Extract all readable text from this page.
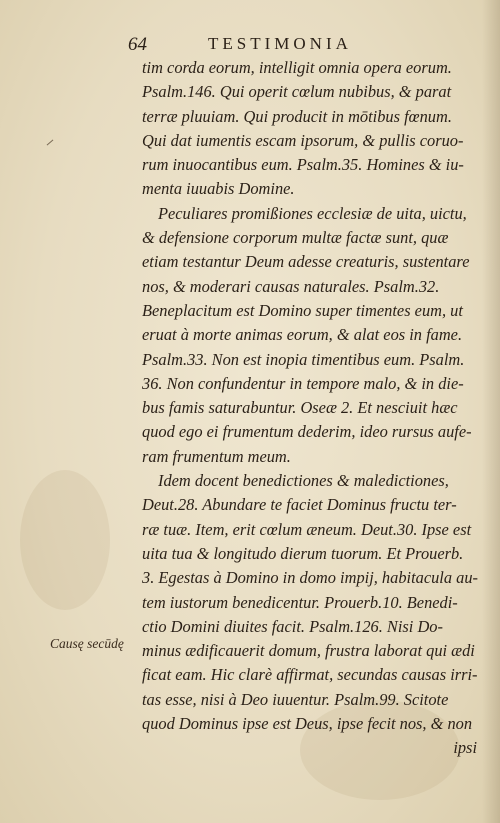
64	TESTIMONIA
tim corda eorum, intelligit omnia opera eorum.
Psalm.146. Qui operit cœlum nubibus, & parat
terræ pluuiam. Qui producit in mōtibus fœnum.
Qui dat iumentis escam ipsorum, & pullis coruo-
rum inuocantibus eum. Psalm.35. Homines & iu-
menta iuuabis Domine.
Peculiares promißiones ecclesiæ de uita, uictu,
& defensione corporum multæ factæ sunt, quæ
etiam testantur Deum adesse creaturis, sustentare
nos, & moderari causas naturales. Psalm.32.
Beneplacitum est Domino super timentes eum, ut
eruat à morte animas eorum, & alat eos in fame.
Psalm.33. Non est inopia timentibus eum. Psalm.
36. Non confundentur in tempore malo, & in die-
bus famis saturabuntur. Oseæ 2. Et nesciuit hæc
quod ego ei frumentum dederim, ideo rursus aufe-
ram frumentum meum.
Idem docent benedictiones & maledictiones,
Deut.28. Abundare te faciet Dominus fructu ter-
ræ tuæ. Item, erit cœlum æneum. Deut.30. Ipse est
uita tua & longitudo dierum tuorum. Et Prouerb.
3. Egestas à Domino in domo impij, habitacula au-
tem iustorum benedicentur. Prouerb.10. Benedi-
ctio Domini diuites facit. Psalm.126. Nisi Do-
minus ædificauerit domum, frustra laborat qui ædi
ficat eam. Hic clarè affirmat, secundas causas irri-
tas esse, nisi à Deo iuuentur. Psalm.99. Scitote
quod Dominus ipse est Deus, ipse fecit nos, & non
ipsi
Causę secūdę
